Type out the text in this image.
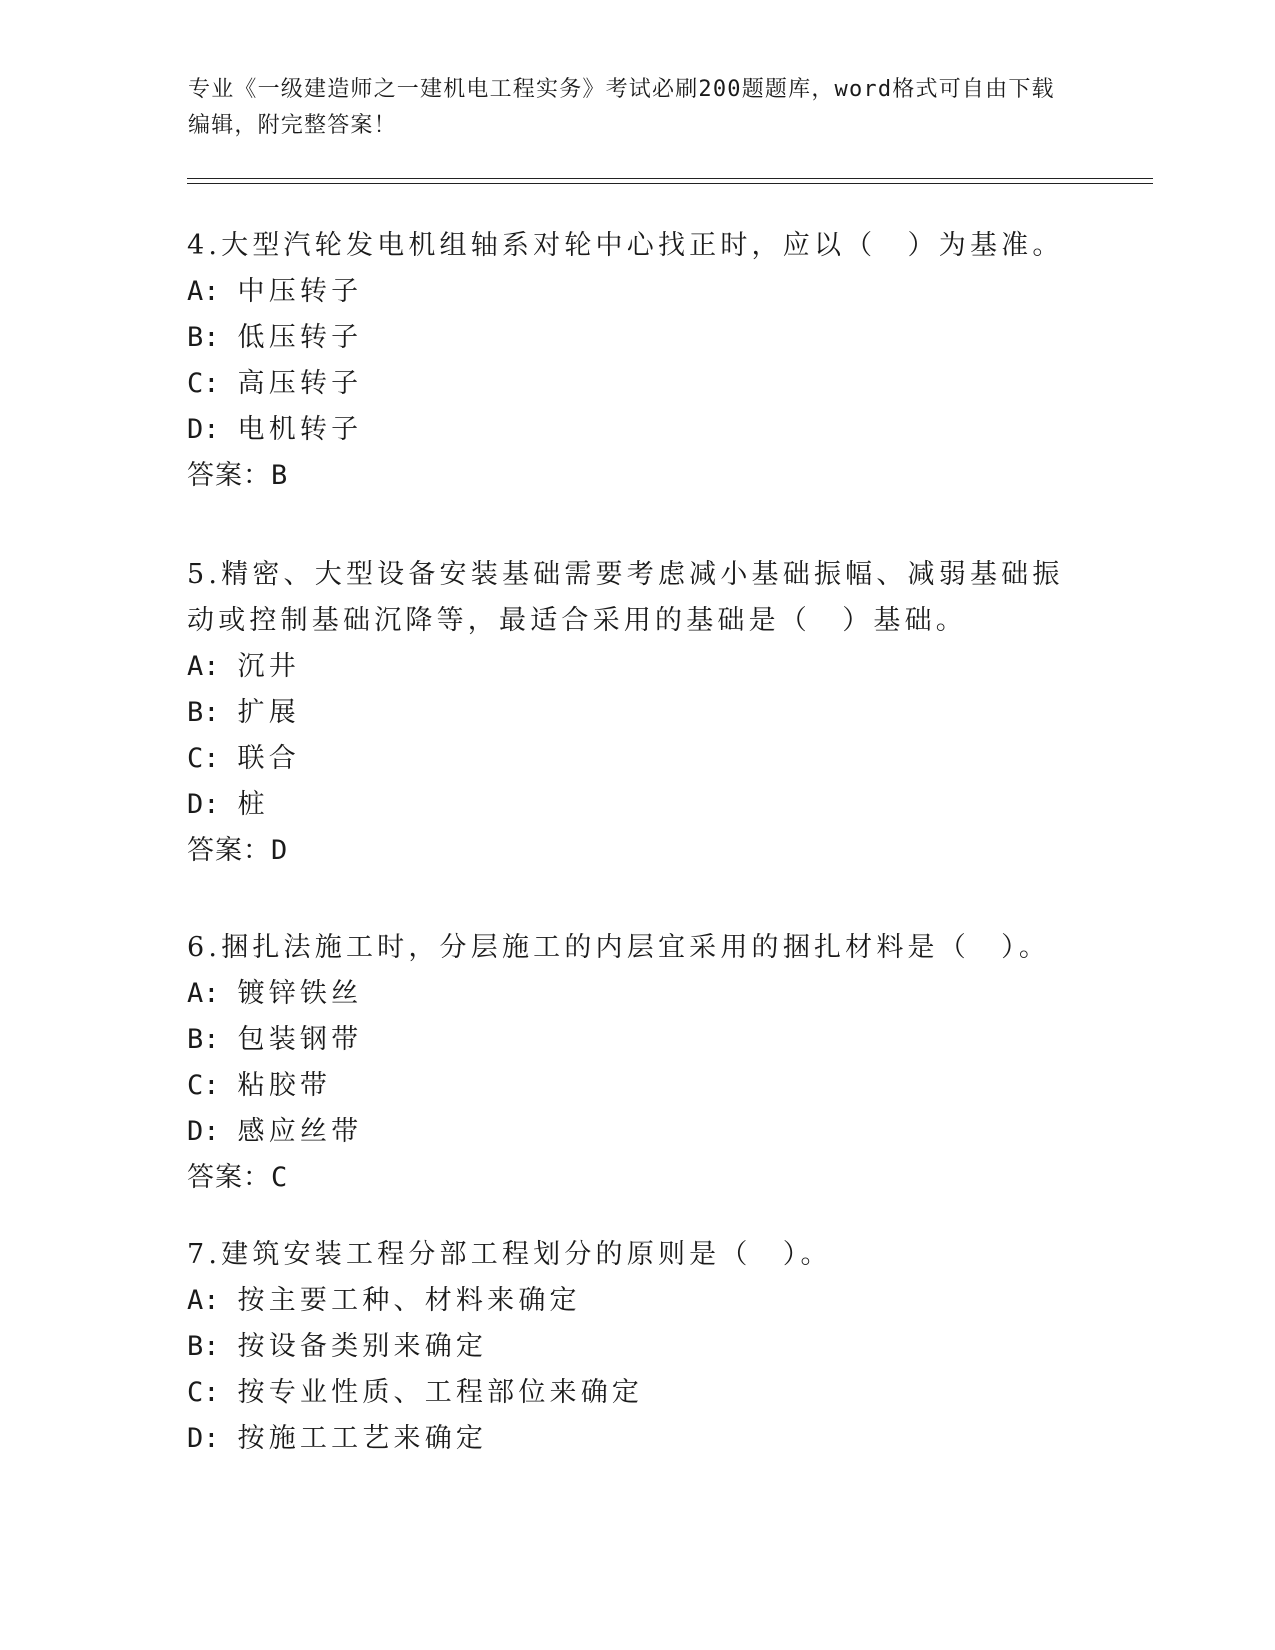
专业《一级建造师之一建机电工程实务》考试必刷200题题库，word格式可自由下载编辑，附完整答案！

4.大型汽轮发电机组轴系对轮中心找正时，应以（　）为基准。

A: 中压转子

B: 低压转子

C: 高压转子

D: 电机转子

答案：B

5.精密、大型设备安装基础需要考虑减小基础振幅、减弱基础振动或控制基础沉降等，最适合采用的基础是（　）基础。

A: 沉井

B: 扩展

C: 联合

D: 桩

答案：D

6.捆扎法施工时，分层施工的内层宜采用的捆扎材料是（　）。

A: 镀锌铁丝

B: 包装钢带

C: 粘胶带

D: 感应丝带

答案：C

7.建筑安装工程分部工程划分的原则是（　）。

A: 按主要工种、材料来确定

B: 按设备类别来确定

C: 按专业性质、工程部位来确定

D: 按施工工艺来确定
